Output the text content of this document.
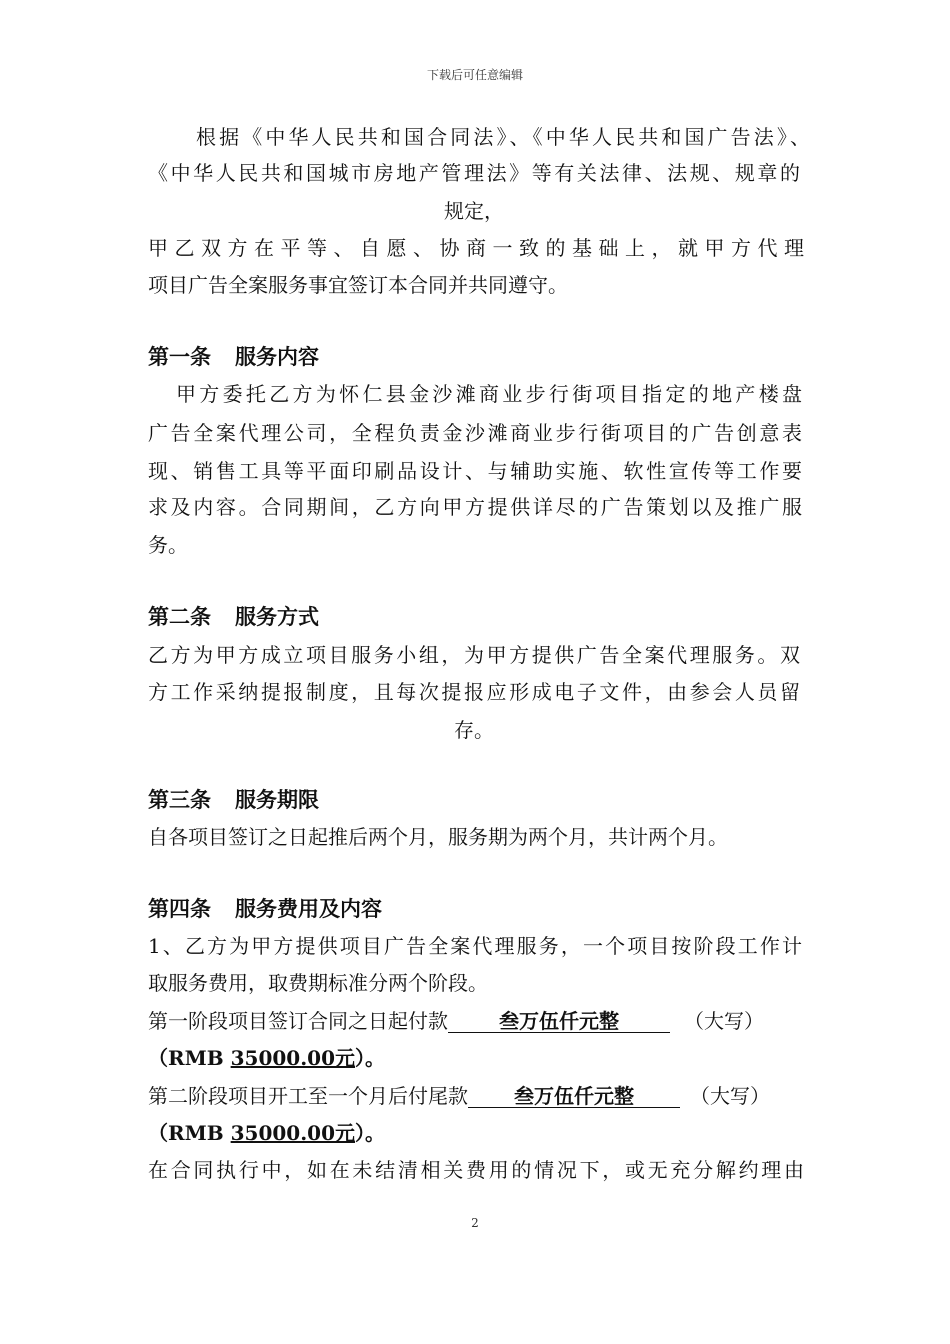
下载后可任意编辑
根据《中华人民共和国合同法》、《中华人民共和国广告法》、
《中华人民共和国城市房地产管理法》等有关法律、法规、规章的
规定，
甲乙双方在平等、自愿、协商一致的基础上，就甲方代理
项目广告全案服务事宜签订本合同并共同遵守。
第一条 服务内容
甲方委托乙方为怀仁县金沙滩商业步行街项目指定的地产楼盘
广告全案代理公司，全程负责金沙滩商业步行街项目的广告创意表
现、销售工具等平面印刷品设计、与辅助实施、软性宣传等工作要
求及内容。合同期间，乙方向甲方提供详尽的广告策划以及推广服
务。
第二条 服务方式
乙方为甲方成立项目服务小组，为甲方提供广告全案代理服务。双
方工作采纳提报制度，且每次提报应形成电子文件，由参会人员留
存。
第三条 服务期限
自各项目签订之日起推后两个月，服务期为两个月，共计两个月。
第四条 服务费用及内容
1、乙方为甲方提供项目广告全案代理服务，一个项目按阶段工作计
取服务费用，取费期标准分两个阶段。
第一阶段项目签订合同之日起付款	叁万伍仟元整	（大写）
（RMB 35000.00元）。
第二阶段项目开工至一个月后付尾款 叁万伍仟元整	（大写）
（RMB 35000.00元）。
在合同执行中，如在未结清相关费用的情况下，或无充分解约理由
2
